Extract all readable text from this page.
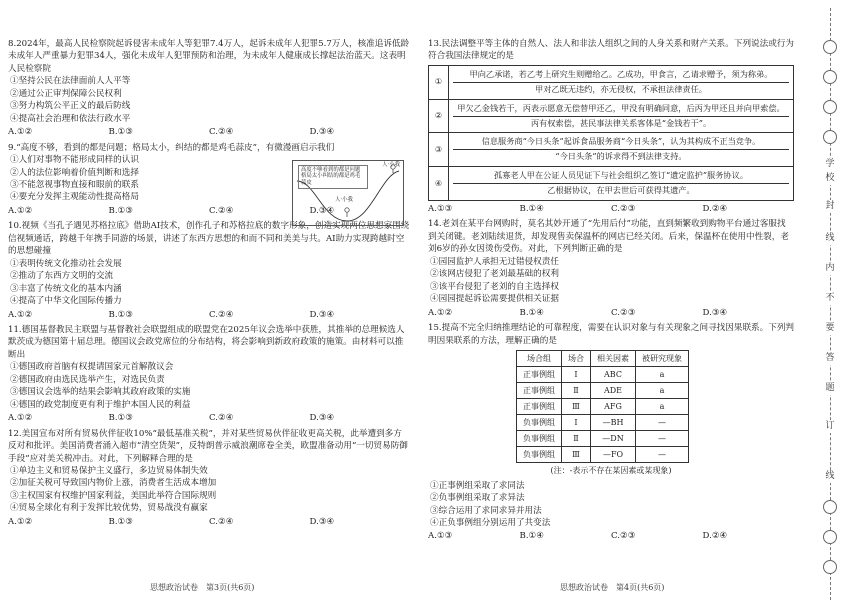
8.2024年，最高人民检察院起诉侵害未成年人等犯罪7.4万人，起诉未成年人犯罪5.7万人，核准追诉低龄未成年人严重暴力犯罪34人，强化未成年人犯罪预防和治理，为未成年人健康成长撑起法治蓝天。这表明人民检察院
①坚持公民在法律面前人人平等
②通过公正审判保障公民权利
③努力构筑公平正义的最后防线
④提高社会治理和依法行政水平
A.①②	B.①③	C.②④	D.③④
9.“高度不够，看到的都是问题；格局太小，纠结的都是鸡毛蒜皮”，有微漫画启示我们
①人们对事物不能形成同样的认识
②人的法位影响着价值判断和选择
③不能忽视事物直接和眼前的联系
④要充分发挥主观能动性提高格局
A.①②	B.①③	C.②④	D.③④
高度不够看到的都是问题 格局太小纠结的都是鸡毛蒜皮
人·小我
人·小我
10.视频《当孔子遇见苏格拉底》借助AI技术，创作孔子和苏格拉底的数字形象，创造实现两位思想家围绕信视频通话，跨越千年携手同游的场景，讲述了东西方思想的和而不同和美美与共。AI助力实现跨越时空的思想碰撞
①表明传统文化推动社会发展
②推动了东西方文明的交流
③丰富了传统文化的基本内涵
④提高了中华文化国际传播力
A.①②	B.①③	C.②④	D.③④
11.德国基督教民主联盟与基督教社会联盟组成的联盟党在2025年议会选举中获胜，其推举的总理候选人默茨成为德国第十届总理。德国议会政党席位的分布结构，将会影响到新政府政策的施策。由材料可以推断出
①德国政府首脑有权提请国家元首解散议会
②德国政府由选民选举产生，对选民负责
③德国议会选举的结果会影响其政府政策的实施
④德国的政党制度更有利于维护本国人民的利益
A.①②	B.①③	C.②④	D.③④
12.美国宣布对所有贸易伙伴征收10%“最低基准关税”，并对某些贸易伙伴征收更高关税，此举遭到多方反对和批评。美国消费者涌入超市“清空货架”，反特朗普示威浪潮席卷全美，欧盟准备动用“一切贸易防御手段”应对美关税冲击。对此，下列解释合理的是
①单边主义和贸易保护主义盛行，多边贸易体制失效
②加征关税可导致国内物价上涨，消费者生活成本增加
③主权国家有权维护国家利益，美国此举符合国际规则
④贸易全球化有利于发挥比较优势，贸易战没有赢家
A.①②	B.①③	C.②④	D.③④
13.民法调整平等主体的自然人、法人和非法人组织之间的人身关系和财产关系。下列说法或行为符合我国法律规定的是
①	甲向乙承诺，若乙考上研究生则赠给乙。乙成功，甲食言，乙请求赠予，须为称弟。
甲对乙既无违约，亦无侵权，不承担法律责任。

②	甲欠乙金钱若干，丙表示愿意无偿替甲还乙，甲没有明确同意，后丙为甲还且并向甲索偿。
丙有权索偿，甚民事法律关系客体是“金钱若干”。

③	信息服务商“今日头条”起诉食品服务商“今日头条”，认为其构成不正当竞争。
“今日头条”的诉求得不到法律支持。

④	孤寡老人甲在公证人员见证下与社会组织乙签订“遗定监护”服务协议。
乙根据协议，在甲去世后可获得其遗产。
A.①③	B.①④	C.②③	D.②④
14.老刘在某平台网购时，莫名其妙开通了“先用后付”功能，直到频繁收到购物平台通过客服找到关闭键。老刘陆续退货，却发现售卖保温杯的网店已经关闭。后来，保温杯在使用中性裂，老刘6岁的孙女因烫伤受伤。对此，下列判断正确的是
①园园监护人承担无过错侵权责任
②该网店侵犯了老刘最基础的权利
③该平台侵犯了老刘的自主选择权
④园园提起诉讼需要提供相关证据
A.①②	B.①④	C.②③	D.③④
15.提高不完全归纳推理结论的可靠程度，需要在认识对象与有关现象之间寻找因果联系。下列判明因果联系的方法，理解正确的是
场合组	场合	相关因素	被研究现象
正事例组	Ⅰ	ABC	a
正事例组	Ⅱ	ADE	a
正事例组	Ⅲ	AFG	a
负事例组	Ⅰ	—BH	—
负事例组	Ⅱ	—DN	—
负事例组	Ⅲ	—FO	—
(注：-表示不存在某因素或某现象)
①正事例组采取了求同法
②负事例组采取了求异法
③综合运用了求同求异并用法
④正负事例组分别运用了共变法
A.①③	B.①④	C.②③	D.②④
思想政治试卷　第3页(共6页)	思想政治试卷　第4页(共6页)
学
校
封
线
内
不
要
答
题
订
线
